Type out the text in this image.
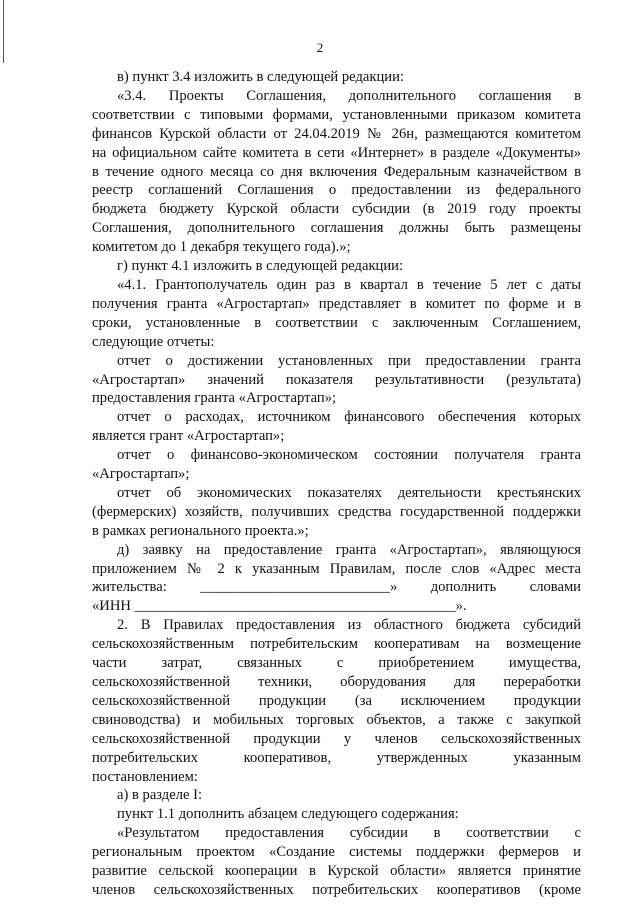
2
в) пункт 3.4 изложить в следующей редакции:
«3.4. Проекты Соглашения, дополнительного соглашения в
соответствии с типовыми формами, установленными приказом комитета
финансов Курской области от 24.04.2019 № 26н, размещаются комитетом
на официальном сайте комитета в сети «Интернет» в разделе «Документы»
в течение одного месяца со дня включения Федеральным казначейством в
реестр соглашений Соглашения о предоставлении из федерального
бюджета бюджету Курской области субсидии (в 2019 году проекты
Соглашения, дополнительного соглашения должны быть размещены
комитетом до 1 декабря текущего года).»;
г) пункт 4.1 изложить в следующей редакции:
«4.1. Грантополучатель один раз в квартал в течение 5 лет с даты
получения гранта «Агростартап» представляет в комитет по форме и в
сроки, установленные в соответствии с заключенным Соглашением,
следующие отчеты:
отчет о достижении установленных при предоставлении гранта
«Агростартап» значений показателя результативности (результата)
предоставления гранта «Агростартап»;
отчет о расходах, источником финансового обеспечения которых
является грант «Агростартап»;
отчет о финансово-экономическом состоянии получателя гранта
«Агростартап»;
отчет об экономических показателях деятельности крестьянских
(фермерских) хозяйств, получивших средства государственной поддержки
в рамках регионального проекта.»;
д) заявку на предоставление гранта «Агростартап», являющуюся
приложением № 2 к указанным Правилам, после слов «Адрес места
жительства: __________________________» дополнить словами
«ИНН ____________________________________________».
2. В Правилах предоставления из областного бюджета субсидий
сельскохозяйственным потребительским кооперативам на возмещение
части затрат, связанных с приобретением имущества,
сельскохозяйственной техники, оборудования для переработки
сельскохозяйственной продукции (за исключением продукции
свиноводства) и мобильных торговых объектов, а также с закупкой
сельскохозяйственной продукции у членов сельскохозяйственных
потребительских кооперативов, утвержденных указанным
постановлением:
а) в разделе I:
пункт 1.1 дополнить абзацем следующего содержания:
«Результатом предоставления субсидии в соответствии с
региональным проектом «Создание системы поддержки фермеров и
развитие сельской кооперации в Курской области» является принятие
членов сельскохозяйственных потребительских кооперативов (кроме
